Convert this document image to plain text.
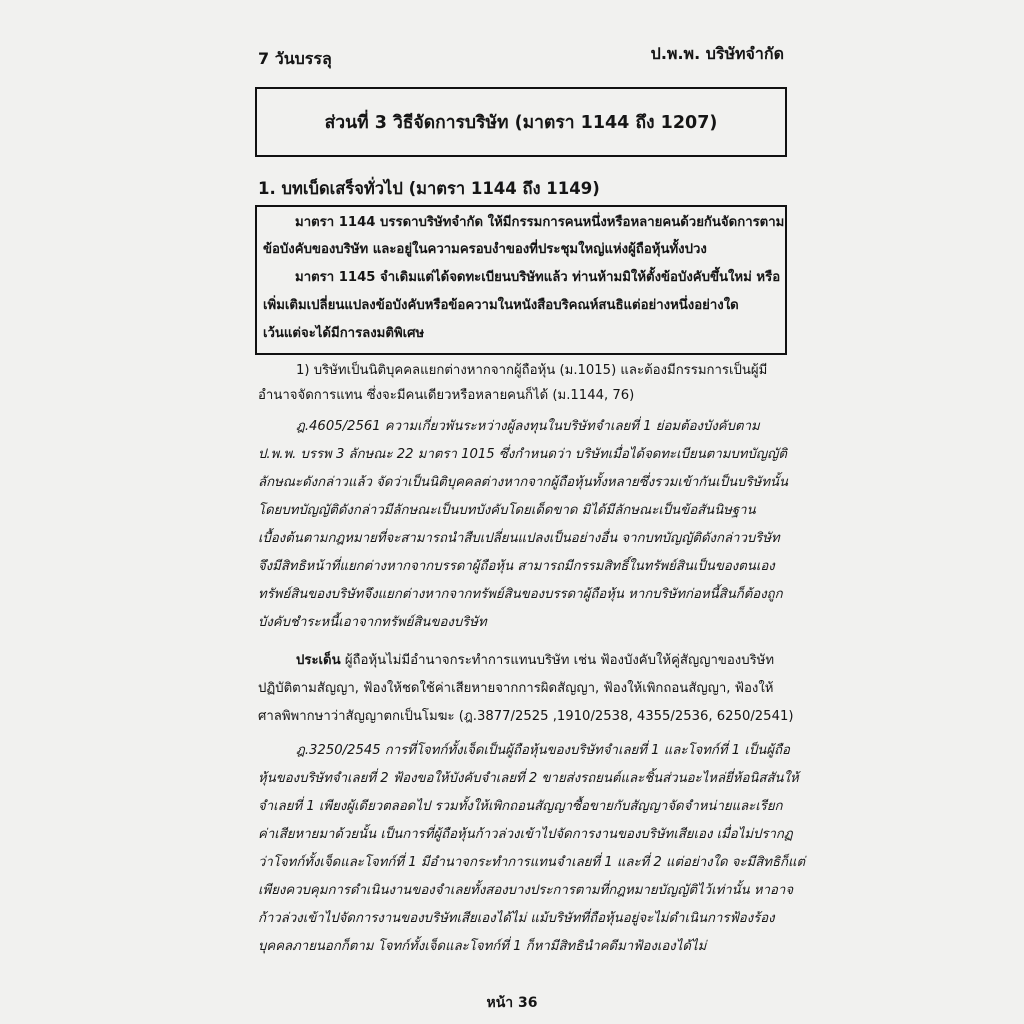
7 วันบรรลุ	ป.พ.พ. บริษัทจำกัด
ส่วนที่ 3 วิธีจัดการบริษัท (มาตรา 1144 ถึง 1207)
1. บทเบ็ดเสร็จทั่วไป (มาตรา 1144 ถึง 1149)
มาตรา 1144 บรรดาบริษัทจำกัด ให้มีกรรมการคนหนึ่งหรือหลายคนด้วยกันจัดการตาม
ข้อบังคับของบริษัท และอยู่ในความครอบงำของที่ประชุมใหญ่แห่งผู้ถือหุ้นทั้งปวง
มาตรา 1145 จำเดิมแต่ได้จดทะเบียนบริษัทแล้ว ท่านห้ามมิให้ตั้งข้อบังคับขึ้นใหม่ หรือ
เพิ่มเติมเปลี่ยนแปลงข้อบังคับหรือข้อความในหนังสือบริคณห์สนธิแต่อย่างหนึ่งอย่างใด
เว้นแต่จะได้มีการลงมติพิเศษ
1) บริษัทเป็นนิติบุคคลแยกต่างหากจากผู้ถือหุ้น (ม.1015) และต้องมีกรรมการเป็นผู้มี
อำนาจจัดการแทน ซึ่งจะมีคนเดียวหรือหลายคนก็ได้ (ม.1144, 76)
ฎ.4605/2561 ความเกี่ยวพันระหว่างผู้ลงทุนในบริษัทจำเลยที่ 1 ย่อมต้องบังคับตาม
ป.พ.พ. บรรพ 3 ลักษณะ 22 มาตรา 1015 ซึ่งกำหนดว่า บริษัทเมื่อได้จดทะเบียนตามบทบัญญัติ
ลักษณะดังกล่าวแล้ว จัดว่าเป็นนิติบุคคลต่างหากจากผู้ถือหุ้นทั้งหลายซึ่งรวมเข้ากันเป็นบริษัทนั้น
โดยบทบัญญัติดังกล่าวมีลักษณะเป็นบทบังคับโดยเด็ดขาด มิได้มีลักษณะเป็นข้อสันนิษฐาน
เบื้องต้นตามกฎหมายที่จะสามารถนำสืบเปลี่ยนแปลงเป็นอย่างอื่น จากบทบัญญัติดังกล่าวบริษัท
จึงมีสิทธิหน้าที่แยกต่างหากจากบรรดาผู้ถือหุ้น สามารถมีกรรมสิทธิ์ในทรัพย์สินเป็นของตนเอง
ทรัพย์สินของบริษัทจึงแยกต่างหากจากทรัพย์สินของบรรดาผู้ถือหุ้น หากบริษัทก่อหนี้สินก็ต้องถูก
บังคับชำระหนี้เอาจากทรัพย์สินของบริษัท
ประเด็น ผู้ถือหุ้นไม่มีอำนาจกระทำการแทนบริษัท เช่น ฟ้องบังคับให้คู่สัญญาของบริษัท
ปฏิบัติตามสัญญา, ฟ้องให้ชดใช้ค่าเสียหายจากการผิดสัญญา, ฟ้องให้เพิกถอนสัญญา, ฟ้องให้
ศาลพิพากษาว่าสัญญาตกเป็นโมฆะ (ฎ.3877/2525 ,1910/2538, 4355/2536, 6250/2541)
ฎ.3250/2545 การที่โจทก์ทั้งเจ็ดเป็นผู้ถือหุ้นของบริษัทจำเลยที่ 1 และโจทก์ที่ 1 เป็นผู้ถือ
หุ้นของบริษัทจำเลยที่ 2 ฟ้องขอให้บังคับจำเลยที่ 2 ขายส่งรถยนต์และชิ้นส่วนอะไหล่ยี่ห้อนิสสันให้
จำเลยที่ 1 เพียงผู้เดียวตลอดไป รวมทั้งให้เพิกถอนสัญญาซื้อขายกับสัญญาจัดจำหน่ายและเรียก
ค่าเสียหายมาด้วยนั้น เป็นการที่ผู้ถือหุ้นก้าวล่วงเข้าไปจัดการงานของบริษัทเสียเอง เมื่อไม่ปรากฏ
ว่าโจทก์ทั้งเจ็ดและโจทก์ที่ 1 มีอำนาจกระทำการแทนจำเลยที่ 1 และที่ 2 แต่อย่างใด จะมีสิทธิก็แต่
เพียงควบคุมการดำเนินงานของจำเลยทั้งสองบางประการตามที่กฎหมายบัญญัติไว้เท่านั้น หาอาจ
ก้าวล่วงเข้าไปจัดการงานของบริษัทเสียเองได้ไม่ แม้บริษัทที่ถือหุ้นอยู่จะไม่ดำเนินการฟ้องร้อง
บุคคลภายนอกก็ตาม โจทก์ทั้งเจ็ดและโจทก์ที่ 1 ก็หามีสิทธินำคดีมาฟ้องเองได้ไม่
หน้า 36
